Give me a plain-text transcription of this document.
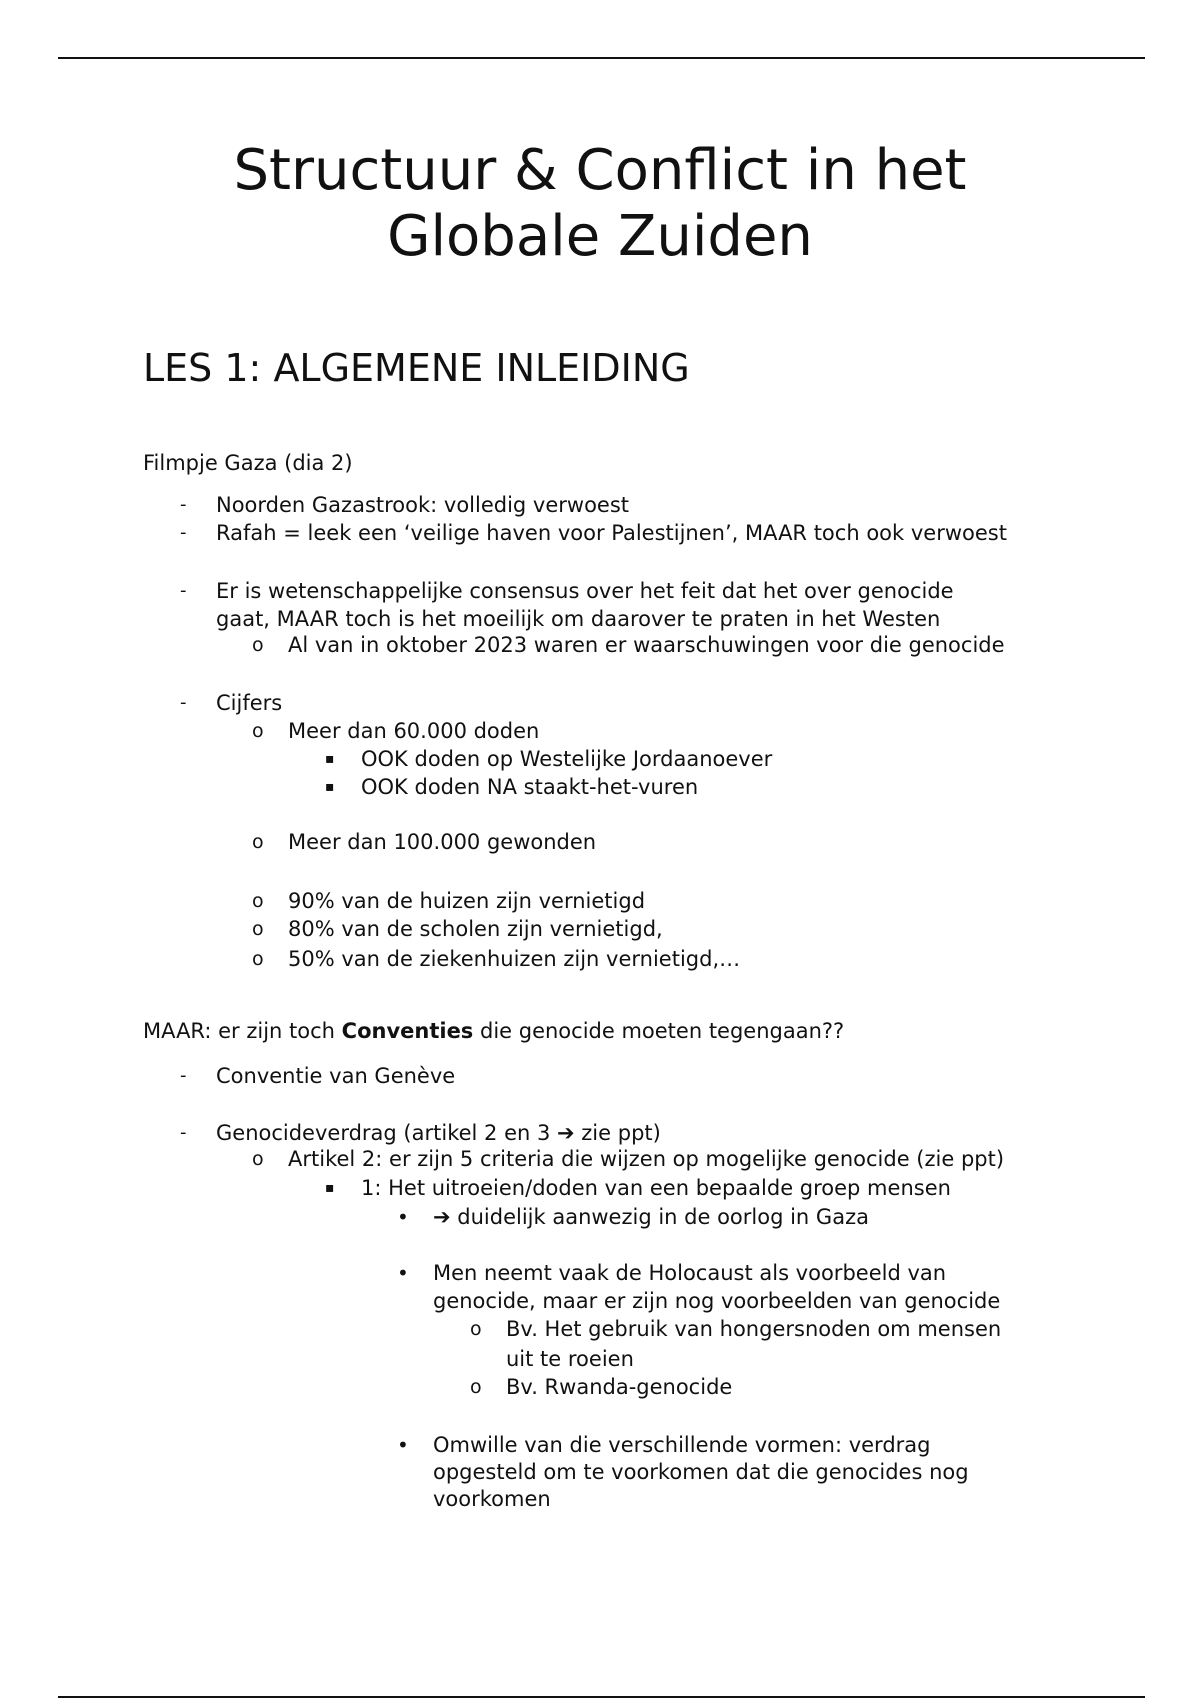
Structuur & Conflict in het
Globale Zuiden
LES 1: ALGEMENE INLEIDING
Filmpje Gaza (dia 2)
- Noorden Gazastrook: volledig verwoest
- Rafah = leek een ‘veilige haven voor Palestijnen’, MAAR toch ook verwoest
- Er is wetenschappelijke consensus over het feit dat het over genocide
gaat, MAAR toch is het moeilijk om daarover te praten in het Westen
o Al van in oktober 2023 waren er waarschuwingen voor die genocide
- Cijfers
o Meer dan 60.000 doden
▪ OOK doden op Westelijke Jordaanoever
▪ OOK doden NA staakt-het-vuren
o Meer dan 100.000 gewonden
o 90% van de huizen zijn vernietigd
o 80% van de scholen zijn vernietigd,
o 50% van de ziekenhuizen zijn vernietigd,…
MAAR: er zijn toch Conventies die genocide moeten tegengaan??
- Conventie van Genève
- Genocideverdrag (artikel 2 en 3 ➔ zie ppt)
o Artikel 2: er zijn 5 criteria die wijzen op mogelijke genocide (zie ppt)
▪ 1: Het uitroeien/doden van een bepaalde groep mensen
• ➔ duidelijk aanwezig in de oorlog in Gaza
• Men neemt vaak de Holocaust als voorbeeld van
genocide, maar er zijn nog voorbeelden van genocide
o Bv. Het gebruik van hongersnoden om mensen
uit te roeien
o Bv. Rwanda-genocide
• Omwille van die verschillende vormen: verdrag
opgesteld om te voorkomen dat die genocides nog
voorkomen
